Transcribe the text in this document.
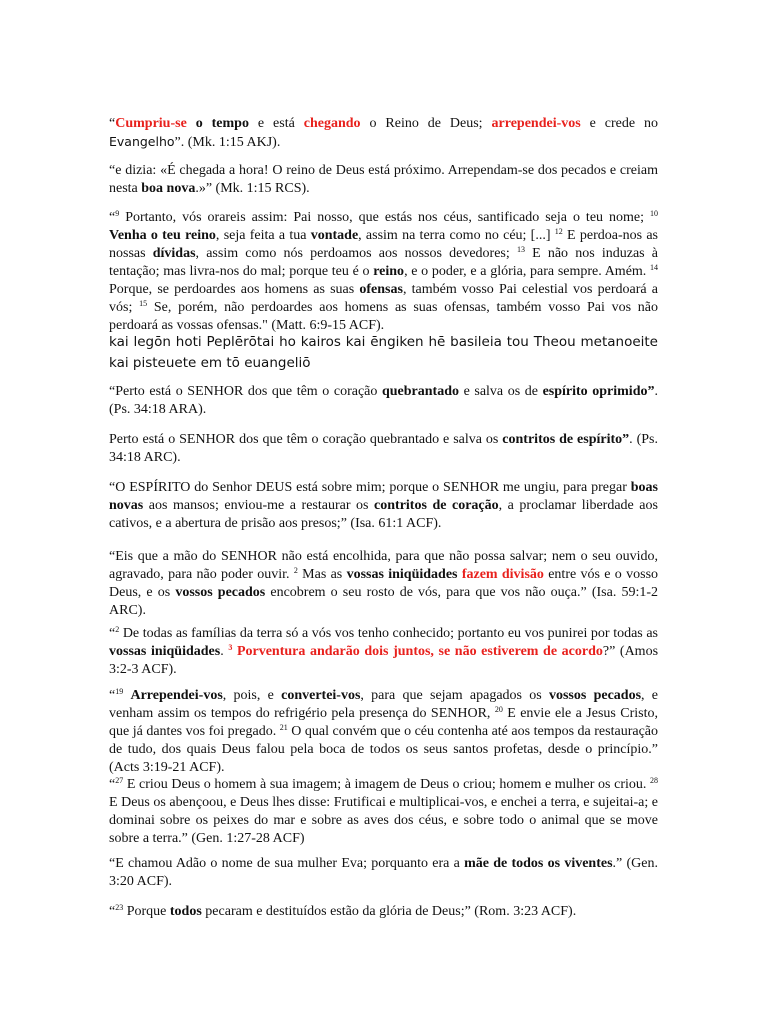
“Cumpriu-se o tempo e está chegando o Reino de Deus; arrependei-vos e crede no Evangelho”. (Mk. 1:15 AKJ).

“e dizia: «É chegada a hora! O reino de Deus está próximo. Arrependam-se dos pecados e creiam nesta boa nova.»” (Mk. 1:15 RCS).

“$^9$ Portanto, vós orareis assim: Pai nosso, que estás nos céus, santificado seja o teu nome; $^{10}$ Venha o teu reino, seja feita a tua vontade, assim na terra como no céu; [...] $^{12}$ E perdoa-nos as nossas dívidas, assim como nós perdoamos aos nossos devedores; $^{13}$ E não nos induzas à tentação; mas livra-nos do mal; porque teu é o reino, e o poder, e a glória, para sempre. Amém. $^{14}$ Porque, se perdoardes aos homens as suas ofensas, também vosso Pai celestial vos perdoará a vós; $^{15}$ Se, porém, não perdoardes aos homens as suas ofensas, também vosso Pai vos não perdoará as vossas ofensas." (Matt. 6:9-15 ACF).

kai legōn hoti Peplērōtai ho kairos kai ēngiken hē basileia tou Theou metanoeite kai pisteuete em tō euangeliō

“Perto está o SENHOR dos que têm o coração quebrantado e salva os de espírito oprimido”. (Ps. 34:18 ARA).

Perto está o SENHOR dos que têm o coração quebrantado e salva os contritos de espírito”. (Ps. 34:18 ARC).

“O ESPÍRITO do Senhor DEUS está sobre mim; porque o SENHOR me ungiu, para pregar boas novas aos mansos; enviou-me a restaurar os contritos de coração, a proclamar liberdade aos cativos, e a abertura de prisão aos presos;” (Isa. 61:1 ACF).

“Eis que a mão do SENHOR não está encolhida, para que não possa salvar; nem o seu ouvido, agravado, para não poder ouvir. $^2$ Mas as vossas iniqüidades fazem divisão entre vós e o vosso Deus, e os vossos pecados encobrem o seu rosto de vós, para que vos não ouça.” (Isa. 59:1-2 ARC).

“$^2$ De todas as famílias da terra só a vós vos tenho conhecido; portanto eu vos punirei por todas as vossas iniqüidades. $^3$ Porventura andarão dois juntos, se não estiverem de acordo?” (Amos 3:2-3 ACF).

“$^{19}$ Arrependei-vos, pois, e convertei-vos, para que sejam apagados os vossos pecados, e venham assim os tempos do refrigério pela presença do SENHOR, $^{20}$ E envie ele a Jesus Cristo, que já dantes vos foi pregado. $^{21}$ O qual convém que o céu contenha até aos tempos da restauração de tudo, dos quais Deus falou pela boca de todos os seus santos profetas, desde o princípio.” (Acts 3:19-21 ACF).

“$^{27}$ E criou Deus o homem à sua imagem; à imagem de Deus o criou; homem e mulher os criou. $^{28}$ E Deus os abençoou, e Deus lhes disse: Frutificai e multiplicai-vos, e enchei a terra, e sujeitai-a; e dominai sobre os peixes do mar e sobre as aves dos céus, e sobre todo o animal que se move sobre a terra.” (Gen. 1:27-28 ACF)

“E chamou Adão o nome de sua mulher Eva; porquanto era a mãe de todos os viventes.” (Gen. 3:20 ACF).

“$^{23}$ Porque todos pecaram e destituídos estão da glória de Deus;” (Rom. 3:23 ACF).
